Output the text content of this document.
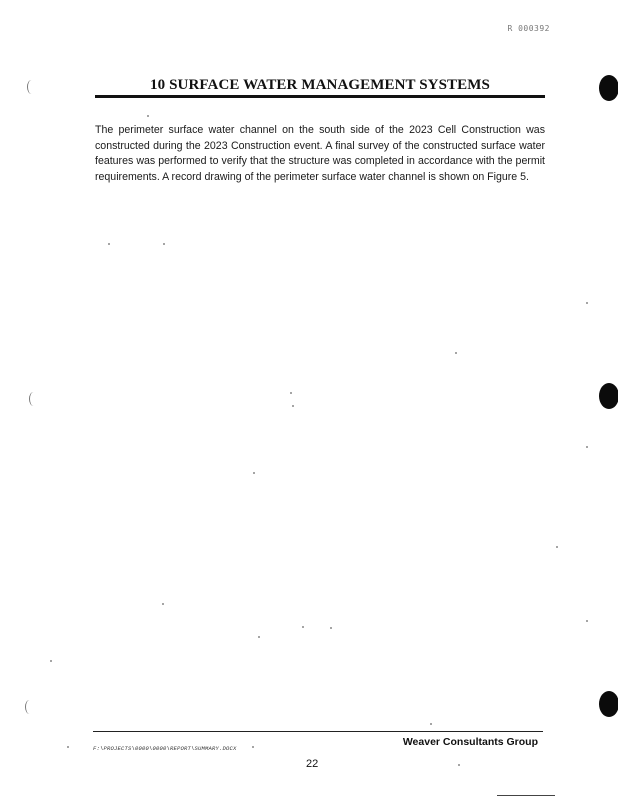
R 000392
10 SURFACE WATER MANAGEMENT SYSTEMS

The perimeter surface water channel on the south side of the 2023 Cell Construction was constructed during the 2023 Construction event. A final survey of the constructed surface water features was performed to verify that the structure was completed in accordance with the permit requirements. A record drawing of the perimeter surface water channel is shown on Figure 5.

Weaver Consultants Group
F:\PROJECTS\0000\0000\REPORT\SUMMARY.DOCX
22
